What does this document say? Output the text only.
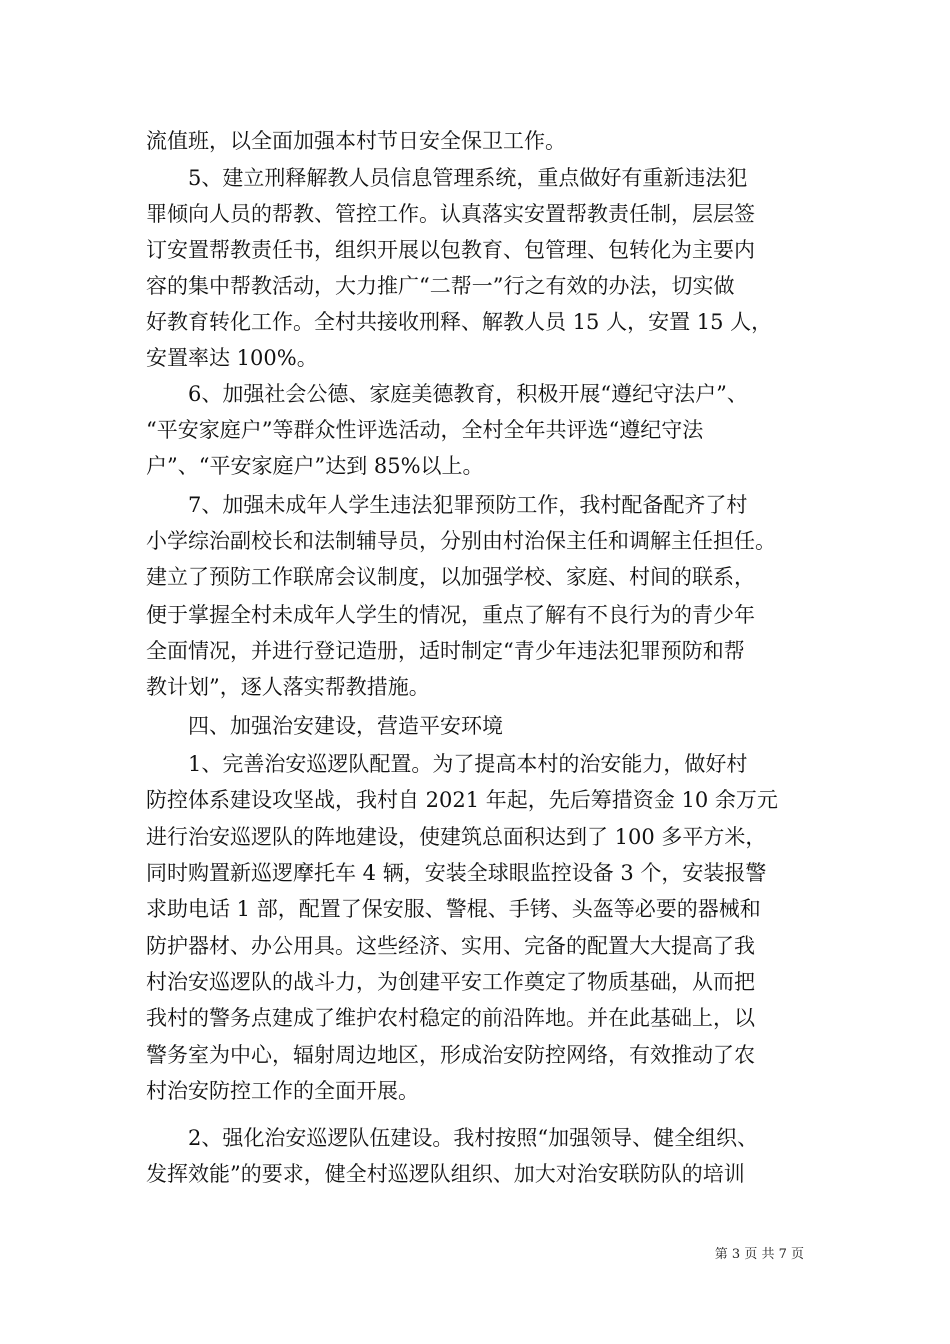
流值班，以全面加强本村节日安全保卫工作。
5、建立刑释解教人员信息管理系统，重点做好有重新违法犯
罪倾向人员的帮教、管控工作。认真落实安置帮教责任制，层层签
订安置帮教责任书，组织开展以包教育、包管理、包转化为主要内
容的集中帮教活动，大力推广“二帮一”行之有效的办法，切实做
好教育转化工作。全村共接收刑释、解教人员 15 人，安置 15 人，
安置率达 100%。
6、加强社会公德、家庭美德教育，积极开展“遵纪守法户”、
“平安家庭户”等群众性评选活动，全村全年共评选“遵纪守法
户”、“平安家庭户”达到 85%以上。
7、加强未成年人学生违法犯罪预防工作，我村配备配齐了村
小学综治副校长和法制辅导员，分别由村治保主任和调解主任担任。
建立了预防工作联席会议制度，以加强学校、家庭、村间的联系，
便于掌握全村未成年人学生的情况，重点了解有不良行为的青少年
全面情况，并进行登记造册，适时制定“青少年违法犯罪预防和帮
教计划”，逐人落实帮教措施。
四、加强治安建设，营造平安环境
1、完善治安巡逻队配置。为了提高本村的治安能力，做好村
防控体系建设攻坚战，我村自 2021 年起，先后筹措资金 10 余万元
进行治安巡逻队的阵地建设，使建筑总面积达到了 100 多平方米，
同时购置新巡逻摩托车 4 辆，安装全球眼监控设备 3 个，安装报警
求助电话 1 部，配置了保安服、警棍、手铐、头盔等必要的器械和
防护器材、办公用具。这些经济、实用、完备的配置大大提高了我
村治安巡逻队的战斗力，为创建平安工作奠定了物质基础，从而把
我村的警务点建成了维护农村稳定的前沿阵地。并在此基础上，以
警务室为中心，辐射周边地区，形成治安防控网络，有效推动了农
村治安防控工作的全面开展。
2、强化治安巡逻队伍建设。我村按照“加强领导、健全组织、
发挥效能”的要求，健全村巡逻队组织、加大对治安联防队的培训
第 3 页 共 7 页
